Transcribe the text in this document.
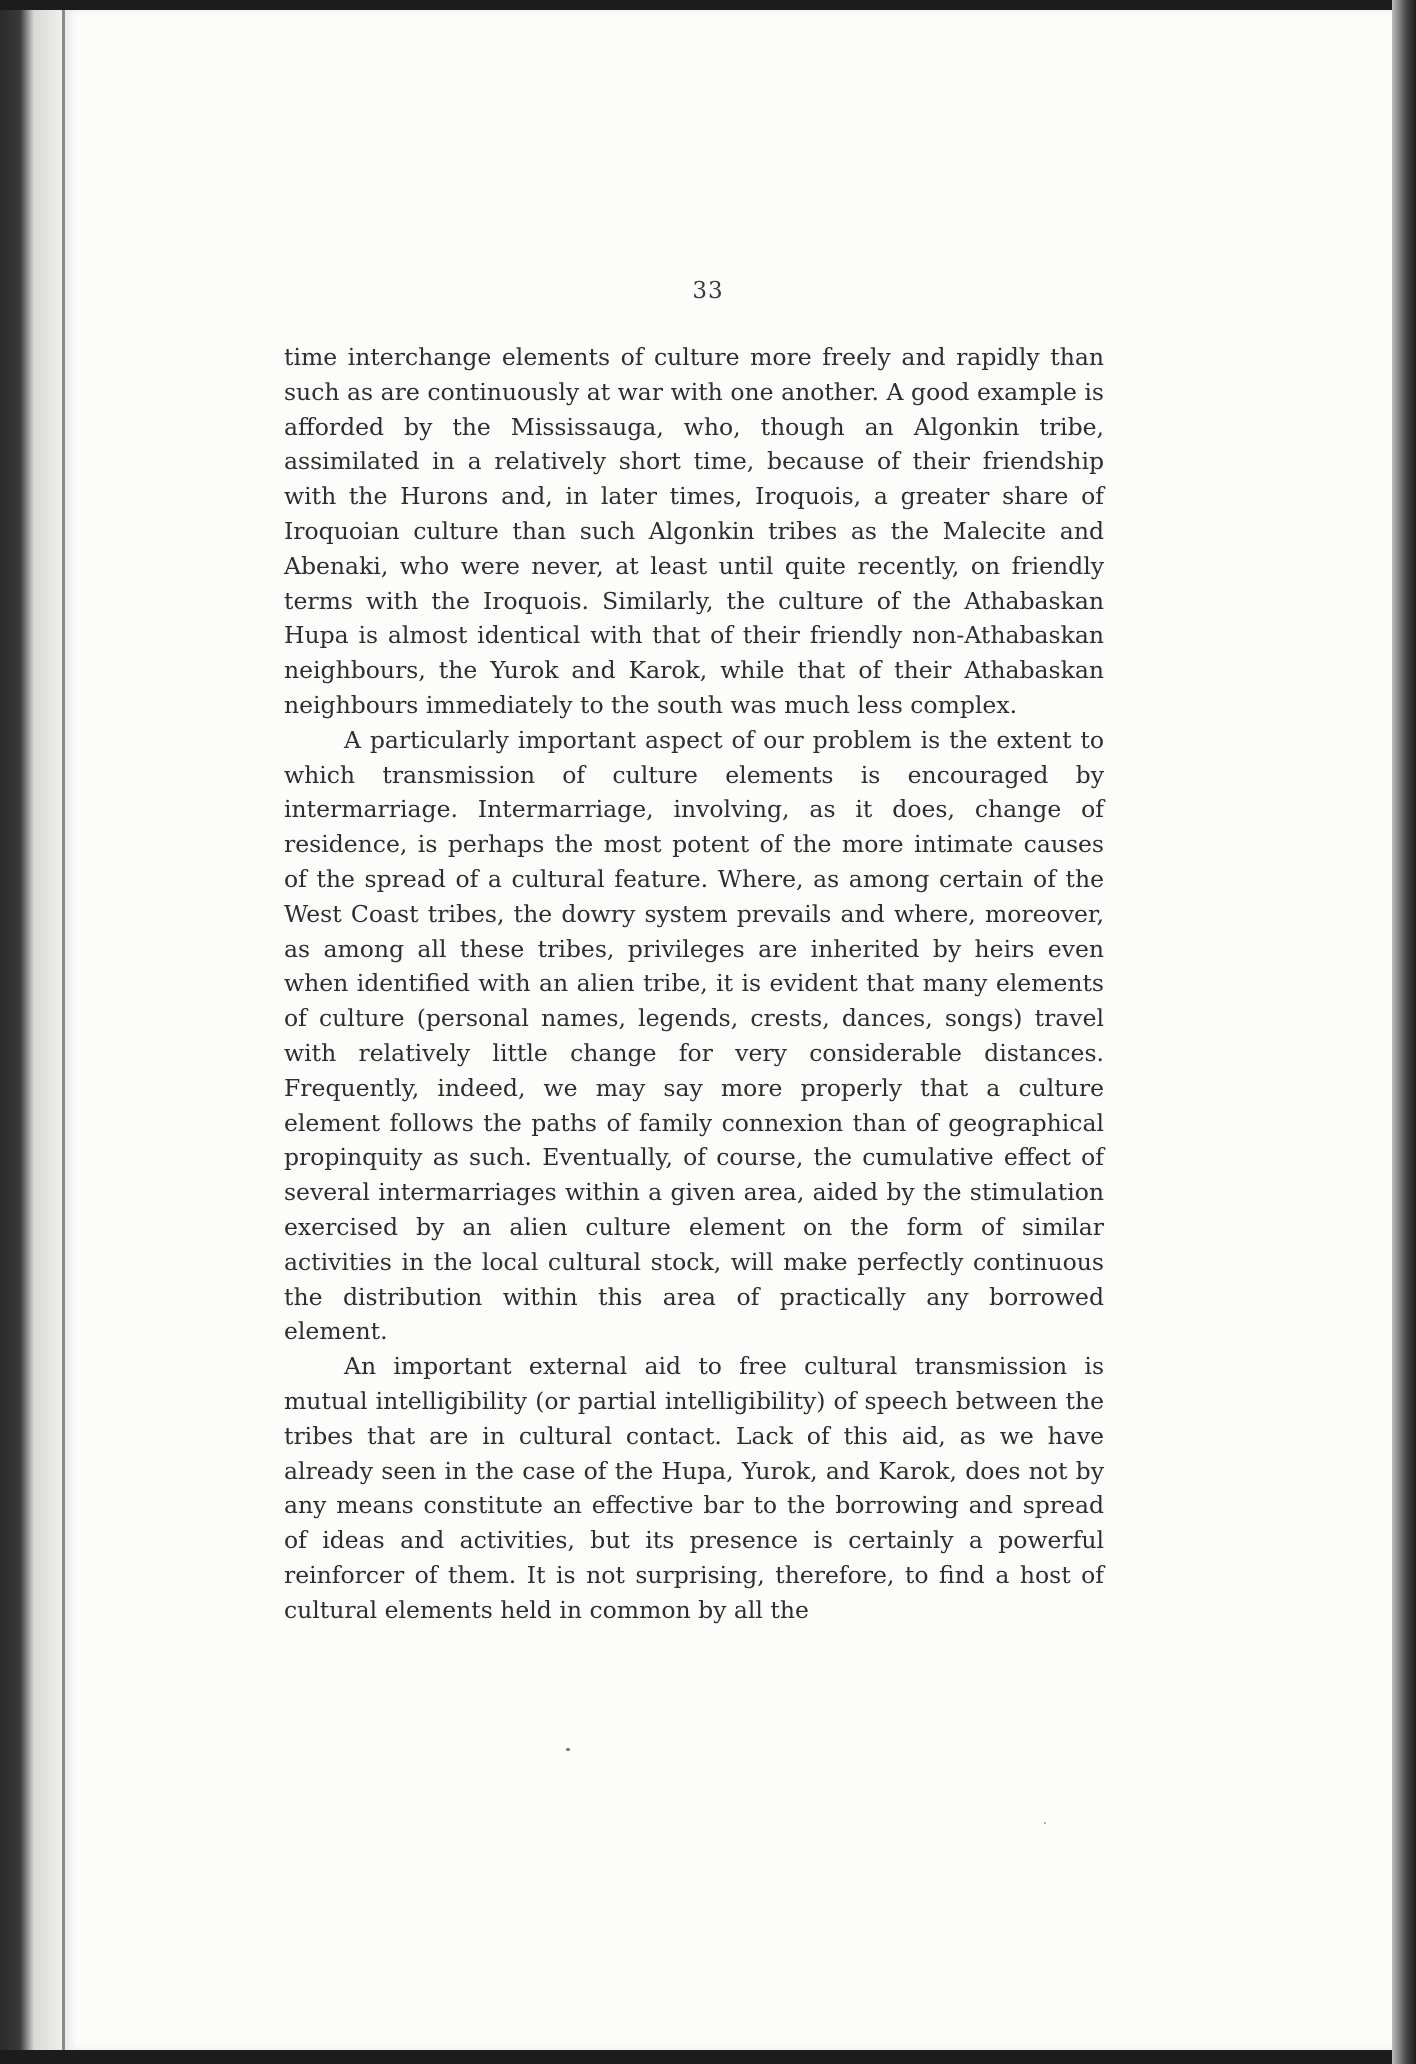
33

time interchange elements of culture more freely and rapidly than such as are continuously at war with one another. A good example is afforded by the Mississauga, who, though an Algonkin tribe, assimilated in a relatively short time, because of their friendship with the Hurons and, in later times, Iroquois, a greater share of Iroquoian culture than such Algonkin tribes as the Malecite and Abenaki, who were never, at least until quite recently, on friendly terms with the Iroquois. Similarly, the culture of the Athabaskan Hupa is almost identical with that of their friendly non-Athabaskan neighbours, the Yurok and Karok, while that of their Athabaskan neighbours immediately to the south was much less complex.

A particularly important aspect of our problem is the extent to which transmission of culture elements is encouraged by intermarriage. Intermarriage, involving, as it does, change of residence, is perhaps the most potent of the more intimate causes of the spread of a cultural feature. Where, as among certain of the West Coast tribes, the dowry system prevails and where, moreover, as among all these tribes, privileges are inherited by heirs even when identified with an alien tribe, it is evident that many elements of culture (personal names, legends, crests, dances, songs) travel with relatively little change for very considerable distances. Frequently, indeed, we may say more properly that a culture element follows the paths of family connexion than of geographical propinquity as such. Eventually, of course, the cumulative effect of several intermarriages within a given area, aided by the stimulation exercised by an alien culture element on the form of similar activities in the local cultural stock, will make perfectly continuous the distribution within this area of practically any borrowed element.

An important external aid to free cultural transmission is mutual intelligibility (or partial intelligibility) of speech between the tribes that are in cultural contact. Lack of this aid, as we have already seen in the case of the Hupa, Yurok, and Karok, does not by any means constitute an effective bar to the borrowing and spread of ideas and activities, but its presence is certainly a powerful reinforcer of them. It is not surprising, therefore, to find a host of cultural elements held in common by all the
